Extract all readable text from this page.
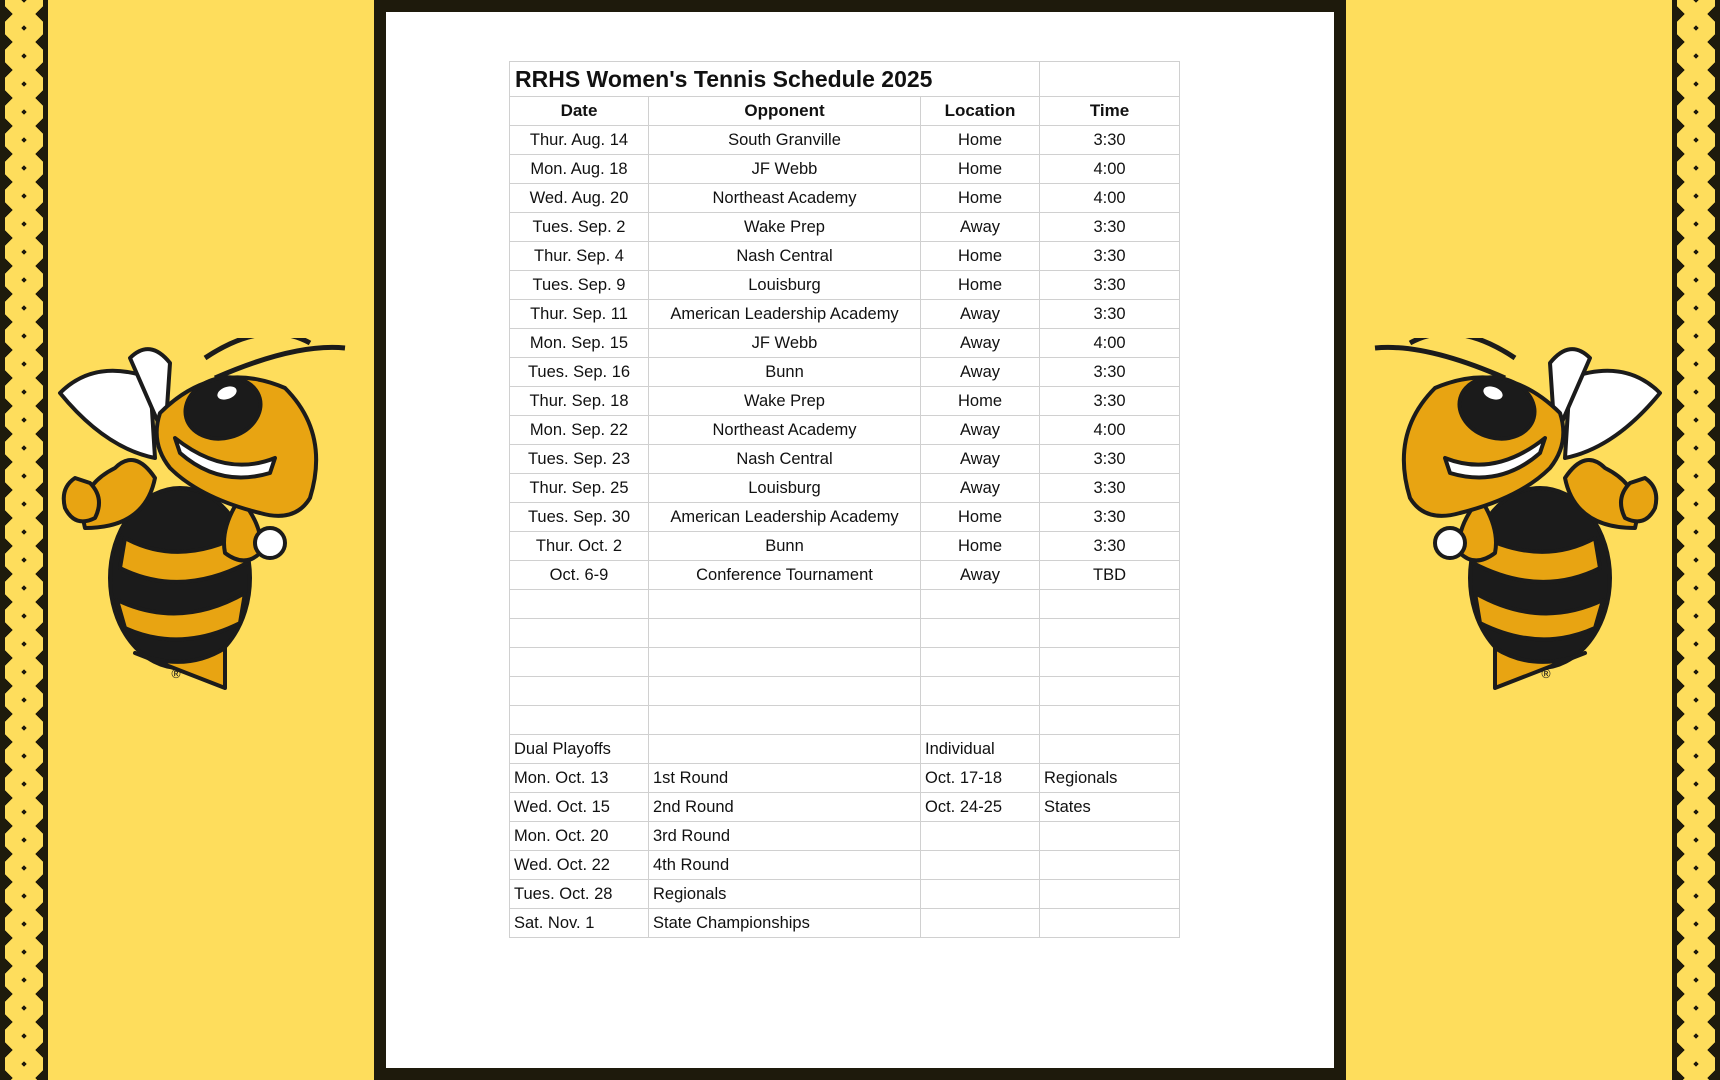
®	®
RRHS Women's Tennis Schedule 2025			
Date	Opponent	Location	Time
Thur. Aug. 14	South Granville	Home	3:30
Mon. Aug. 18	JF Webb	Home	4:00
Wed. Aug. 20	Northeast Academy	Home	4:00
Tues. Sep. 2	Wake Prep	Away	3:30
Thur. Sep. 4	Nash Central	Home	3:30
Tues. Sep. 9	Louisburg	Home	3:30
Thur. Sep. 11	American Leadership Academy	Away	3:30
Mon. Sep. 15	JF Webb	Away	4:00
Tues. Sep. 16	Bunn	Away	3:30
Thur. Sep. 18	Wake Prep	Home	3:30
Mon. Sep. 22	Northeast Academy	Away	4:00
Tues. Sep. 23	Nash Central	Away	3:30
Thur. Sep. 25	Louisburg	Away	3:30
Tues. Sep. 30	American Leadership Academy	Home	3:30
Thur. Oct. 2	Bunn	Home	3:30
Oct. 6-9	Conference Tournament	Away	TBD

Dual Playoffs		Individual	
Mon. Oct. 13	1st Round	Oct. 17-18	Regionals
Wed. Oct. 15	2nd Round	Oct. 24-25	States
Mon. Oct. 20	3rd Round		
Wed. Oct. 22	4th Round		
Tues. Oct. 28	Regionals		
Sat. Nov. 1	State Championships		
